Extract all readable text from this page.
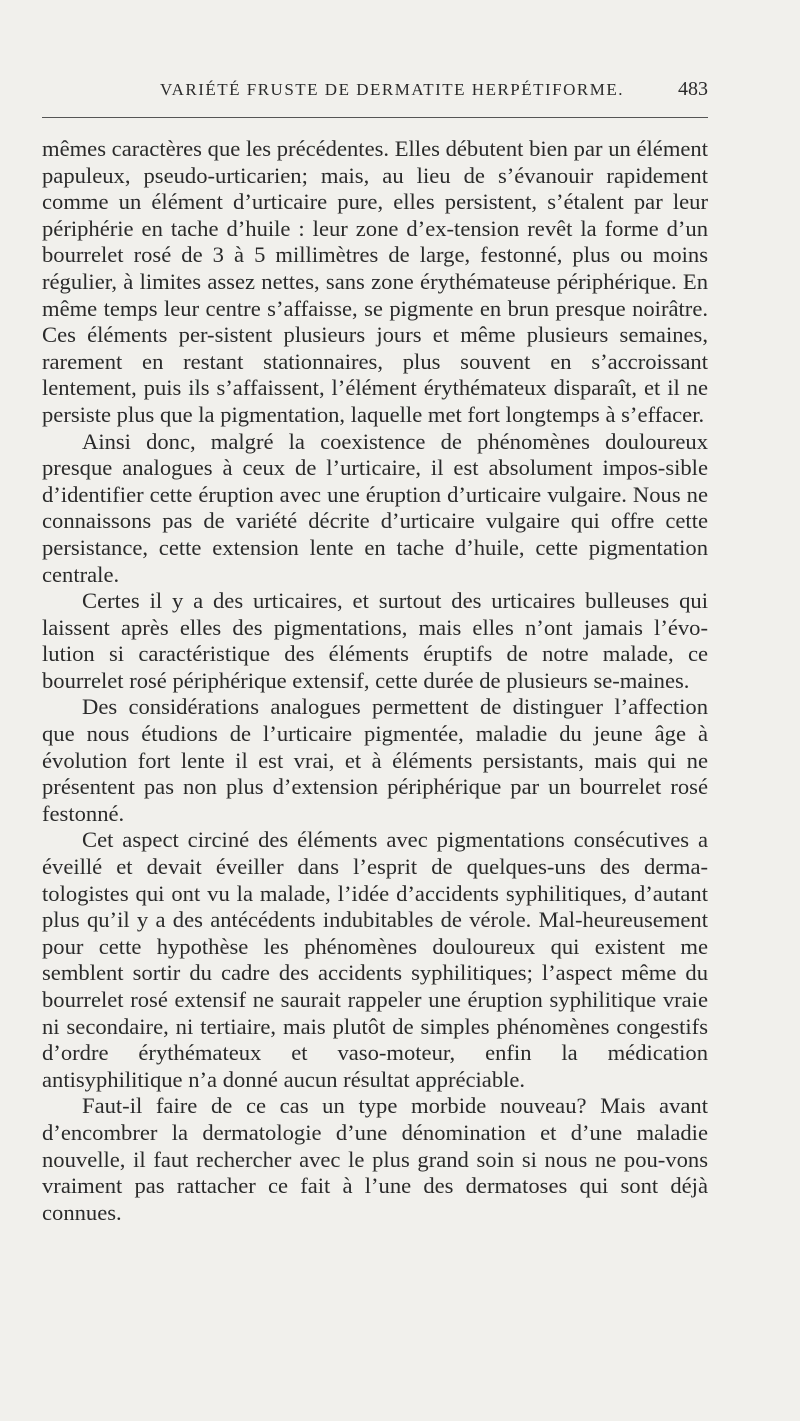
VARIÉTÉ FRUSTE DE DERMATITE HERPÉTIFORME.	483

mêmes caractères que les précédentes. Elles débutent bien par un élément papuleux, pseudo-urticarien; mais, au lieu de s’évanouir rapidement comme un élément d’urticaire pure, elles persistent, s’étalent par leur périphérie en tache d’huile : leur zone d’ex-tension revêt la forme d’un bourrelet rosé de 3 à 5 millimètres de large, festonné, plus ou moins régulier, à limites assez nettes, sans zone érythémateuse périphérique. En même temps leur centre s’affaisse, se pigmente en brun presque noirâtre. Ces éléments per-sistent plusieurs jours et même plusieurs semaines, rarement en restant stationnaires, plus souvent en s’accroissant lentement, puis ils s’affaissent, l’élément érythémateux disparaît, et il ne persiste plus que la pigmentation, laquelle met fort longtemps à s’effacer.

Ainsi donc, malgré la coexistence de phénomènes douloureux presque analogues à ceux de l’urticaire, il est absolument impos-sible d’identifier cette éruption avec une éruption d’urticaire vulgaire. Nous ne connaissons pas de variété décrite d’urticaire vulgaire qui offre cette persistance, cette extension lente en tache d’huile, cette pigmentation centrale.

Certes il y a des urticaires, et surtout des urticaires bulleuses qui laissent après elles des pigmentations, mais elles n’ont jamais l’évo-lution si caractéristique des éléments éruptifs de notre malade, ce bourrelet rosé périphérique extensif, cette durée de plusieurs se-maines.

Des considérations analogues permettent de distinguer l’affection que nous étudions de l’urticaire pigmentée, maladie du jeune âge à évolution fort lente il est vrai, et à éléments persistants, mais qui ne présentent pas non plus d’extension périphérique par un bourrelet rosé festonné.

Cet aspect circiné des éléments avec pigmentations consécutives a éveillé et devait éveiller dans l’esprit de quelques-uns des derma-tologistes qui ont vu la malade, l’idée d’accidents syphilitiques, d’autant plus qu’il y a des antécédents indubitables de vérole. Mal-heureusement pour cette hypothèse les phénomènes douloureux qui existent me semblent sortir du cadre des accidents syphilitiques; l’aspect même du bourrelet rosé extensif ne saurait rappeler une éruption syphilitique vraie ni secondaire, ni tertiaire, mais plutôt de simples phénomènes congestifs d’ordre érythémateux et vaso-moteur, enfin la médication antisyphilitique n’a donné aucun résultat appréciable.

Faut-il faire de ce cas un type morbide nouveau? Mais avant d’encombrer la dermatologie d’une dénomination et d’une maladie nouvelle, il faut rechercher avec le plus grand soin si nous ne pou-vons vraiment pas rattacher ce fait à l’une des dermatoses qui sont déjà connues.
